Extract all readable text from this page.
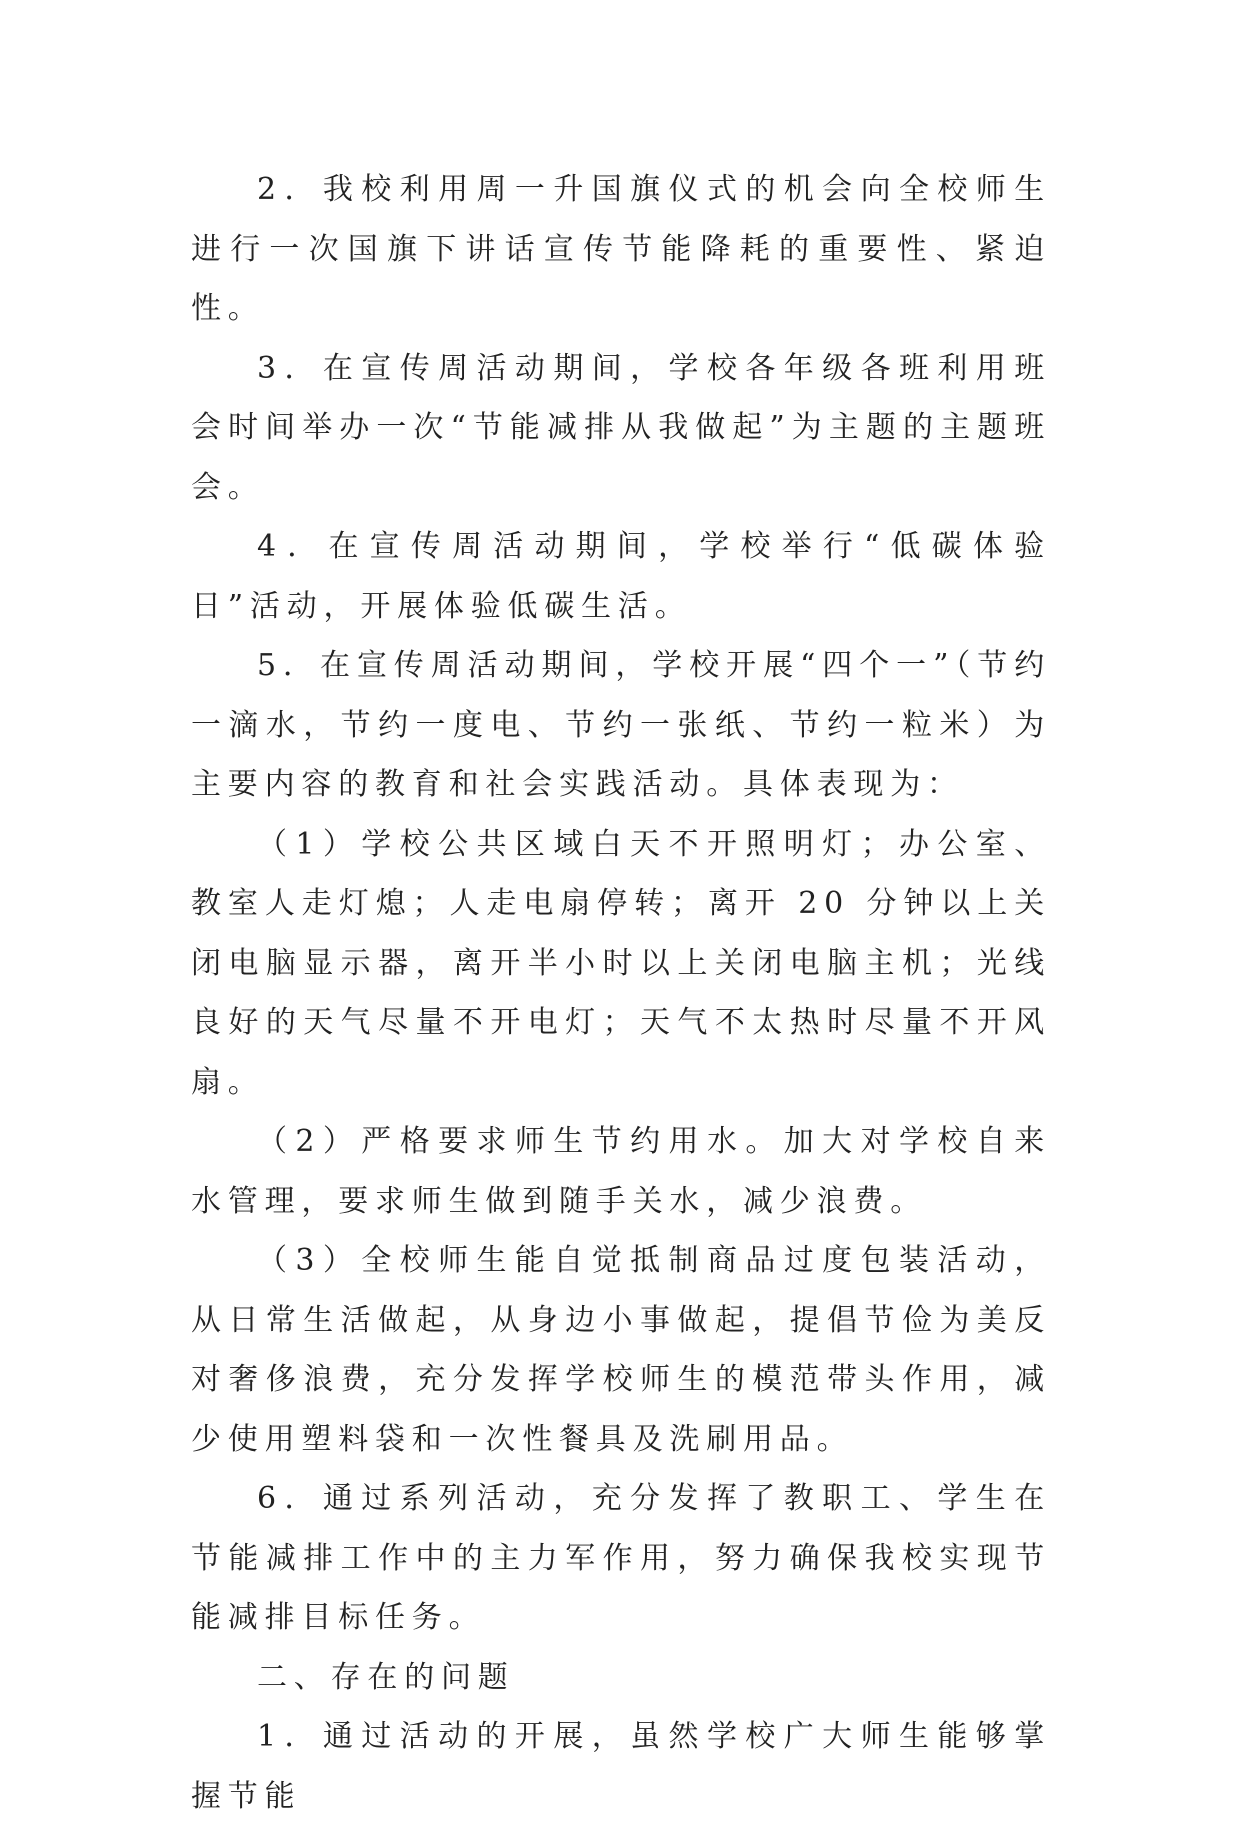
2．我校利用周一升国旗仪式的机会向全校师生进行一次国旗下讲话宣传节能降耗的重要性、紧迫性。

3．在宣传周活动期间，学校各年级各班利用班会时间举办一次“节能减排从我做起”为主题的主题班会。

4．在宣传周活动期间，学校举行“低碳体验日”活动，开展体验低碳生活。

5．在宣传周活动期间，学校开展“四个一”（节约一滴水，节约一度电、节约一张纸、节约一粒米）为主要内容的教育和社会实践活动。具体表现为：

（1）学校公共区域白天不开照明灯；办公室、教室人走灯熄；人走电扇停转；离开 20 分钟以上关闭电脑显示器，离开半小时以上关闭电脑主机；光线良好的天气尽量不开电灯；天气不太热时尽量不开风扇。

（2）严格要求师生节约用水。加大对学校自来水管理，要求师生做到随手关水，减少浪费。

（3）全校师生能自觉抵制商品过度包装活动，从日常生活做起，从身边小事做起，提倡节俭为美反对奢侈浪费，充分发挥学校师生的模范带头作用，减少使用塑料袋和一次性餐具及洗刷用品。

6．通过系列活动，充分发挥了教职工、学生在节能减排工作中的主力军作用，努力确保我校实现节能减排目标任务。

二、存在的问题

1．通过活动的开展，虽然学校广大师生能够掌握节能
